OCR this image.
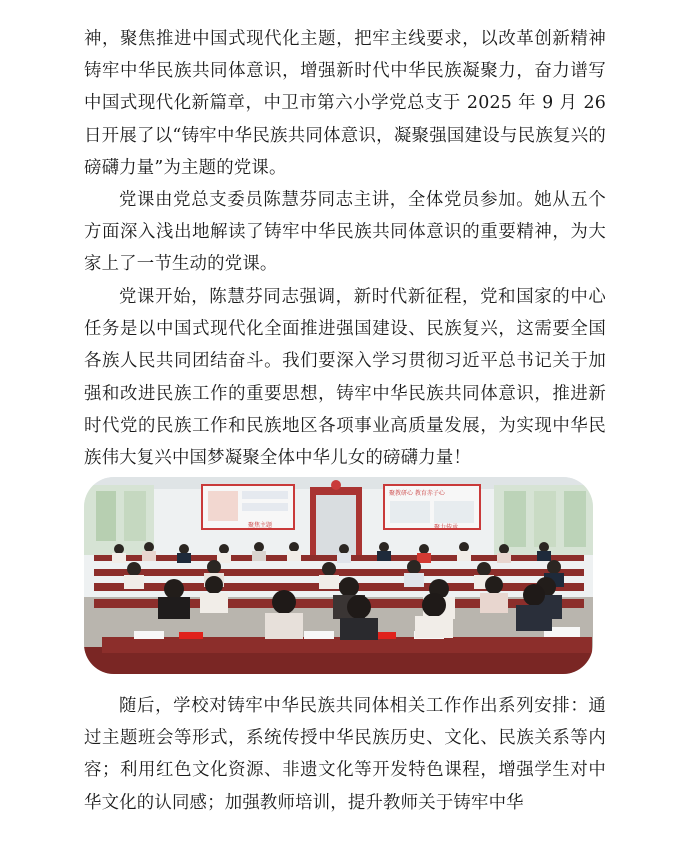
神，聚焦推进中国式现代化主题，把牢主线要求，以改革创新精神铸牢中华民族共同体意识，增强新时代中华民族凝聚力，奋力谱写中国式现代化新篇章，中卫市第六小学党总支于 2025 年 9 月 26 日开展了以“铸牢中华民族共同体意识，凝聚强国建设与民族复兴的磅礴力量”为主题的党课。

党课由党总支委员陈慧芬同志主讲，全体党员参加。她从五个方面深入浅出地解读了铸牢中华民族共同体意识的重要精神，为大家上了一节生动的党课。

党课开始，陈慧芬同志强调，新时代新征程，党和国家的中心任务是以中国式现代化全面推进强国建设、民族复兴，这需要全国各族人民共同团结奋斗。我们要深入学习贯彻习近平总书记关于加强和改进民族工作的重要思想，铸牢中华民族共同体意识，推进新时代党的民族工作和民族地区各项事业高质量发展，为实现中华民族伟大复兴中国梦凝聚全体中华儿女的磅礴力量！

聚焦主题
聚教研心 教育赤子心
聚力传承

随后，学校对铸牢中华民族共同体相关工作作出系列安排：通过主题班会等形式，系统传授中华民族历史、文化、民族关系等内容；利用红色文化资源、非遗文化等开发特色课程，增强学生对中华文化的认同感；加强教师培训，提升教师关于铸牢中华
